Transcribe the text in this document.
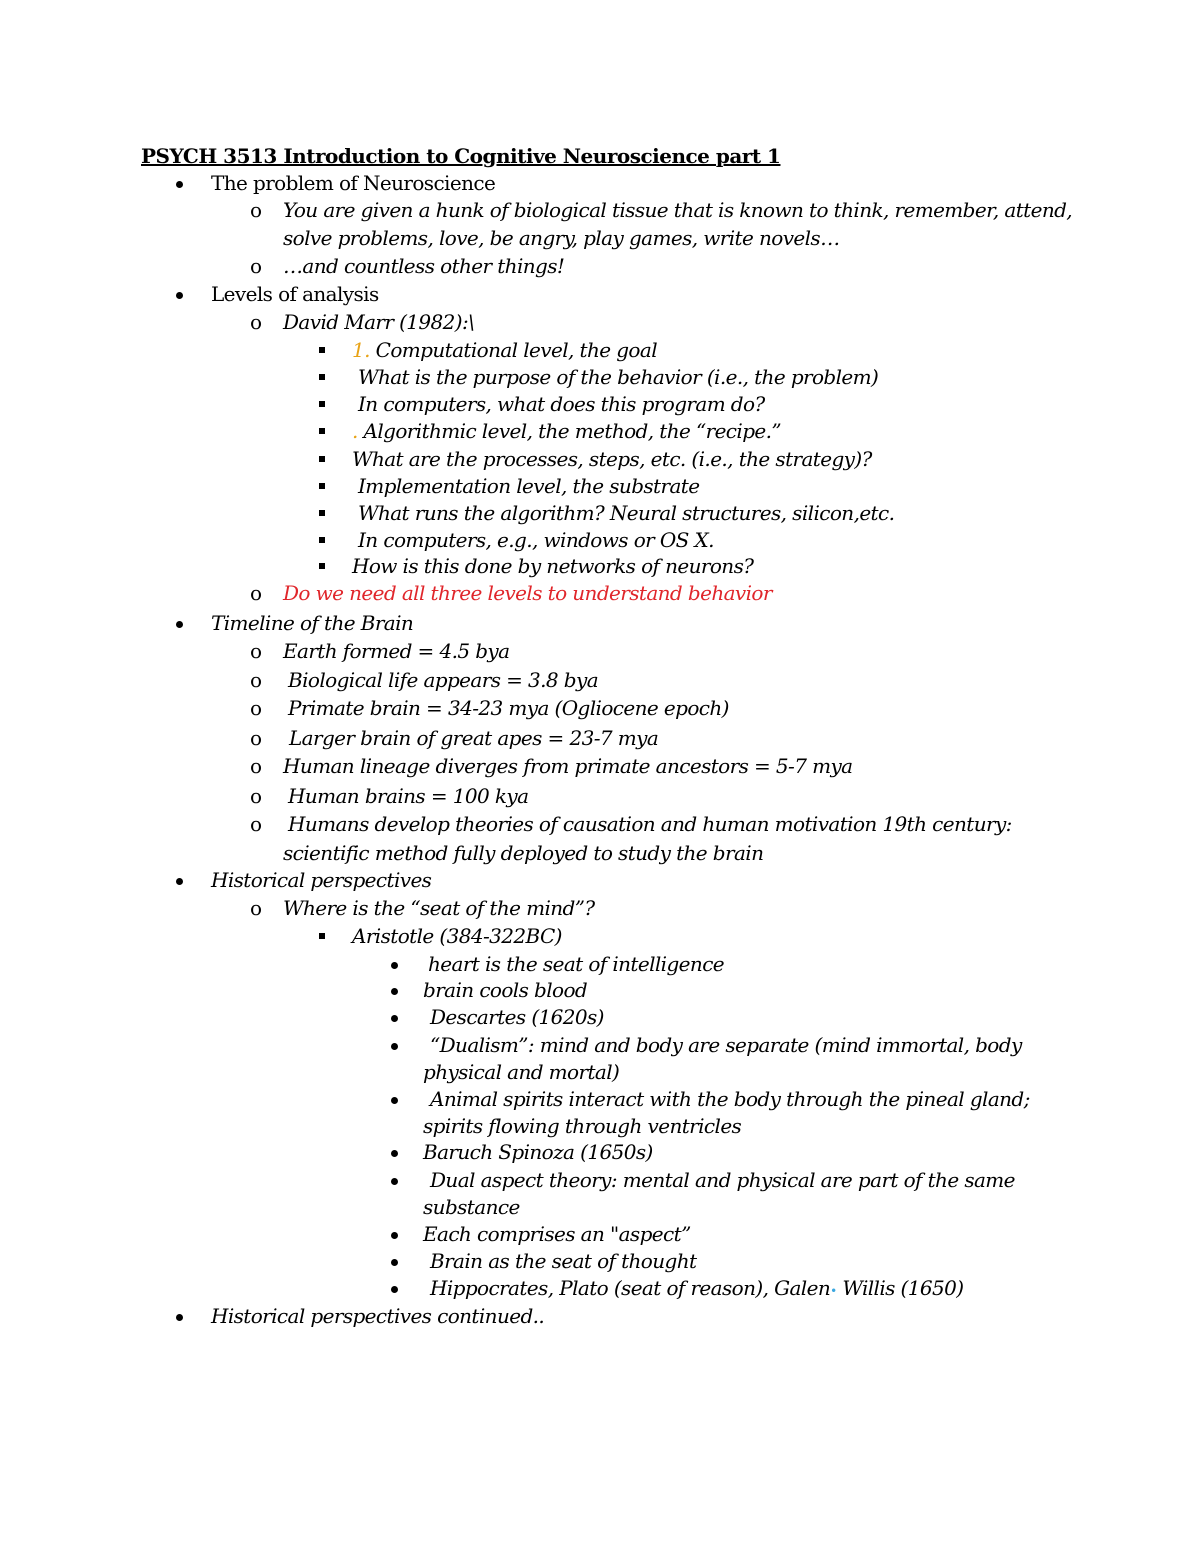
PSYCH 3513 Introduction to Cognitive Neuroscience part 1
The problem of Neuroscience
o You are given a hunk of biological tissue that is known to think, remember, attend,
solve problems, love, be angry, play games, write novels…
o …and countless other things!
Levels of analysis
o David Marr (1982):\
1. Computational level, the goal
What is the purpose of the behavior (i.e., the problem)
In computers, what does this program do?
. Algorithmic level, the method, the “recipe.”
What are the processes, steps, etc. (i.e., the strategy)?
Implementation level, the substrate
What runs the algorithm? Neural structures, silicon,etc.
In computers, e.g., windows or OS X.
How is this done by networks of neurons?
o Do we need all three levels to understand behavior
Timeline of the Brain
o Earth formed = 4.5 bya
o Biological life appears = 3.8 bya
o Primate brain = 34-23 mya (Ogliocene epoch)
o Larger brain of great apes = 23-7 mya
o Human lineage diverges from primate ancestors = 5-7 mya
o Human brains = 100 kya
o Humans develop theories of causation and human motivation 19th century:
scientific method fully deployed to study the brain
Historical perspectives
o Where is the “seat of the mind”?
Aristotle (384-322BC)
heart is the seat of intelligence
brain cools blood
Descartes (1620s)
“Dualism”: mind and body are separate (mind immortal, body
physical and mortal)
Animal spirits interact with the body through the pineal gland;
spirits flowing through ventricles
Baruch Spinoza (1650s)
Dual aspect theory: mental and physical are part of the same
substance
Each comprises an "aspect”
Brain as the seat of thought
Hippocrates, Plato (seat of reason), Galen• Willis (1650)
Historical perspectives continued..
